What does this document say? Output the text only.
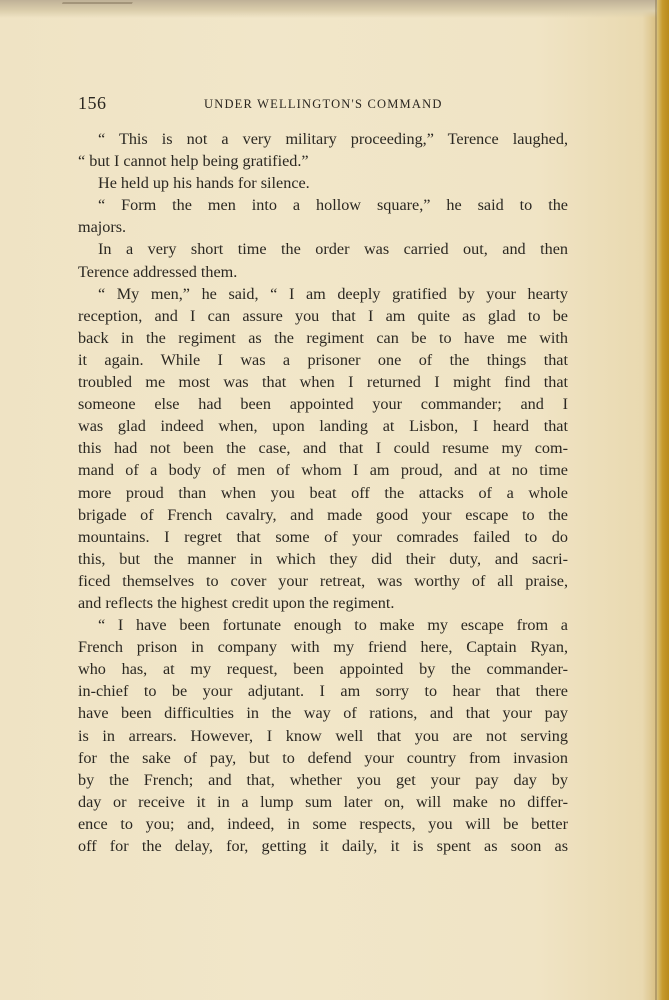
156	UNDER WELLINGTON'S COMMAND
“ This is not a very military proceeding,” Terence laughed,
“ but I cannot help being gratified.”
He held up his hands for silence.
“ Form the men into a hollow square,” he said to the
majors.
In a very short time the order was carried out, and then
Terence addressed them.
“ My men,” he said, “ I am deeply gratified by your hearty
reception, and I can assure you that I am quite as glad to be
back in the regiment as the regiment can be to have me with
it again. While I was a prisoner one of the things that
troubled me most was that when I returned I might find that
someone else had been appointed your commander; and I
was glad indeed when, upon landing at Lisbon, I heard that
this had not been the case, and that I could resume my com-
mand of a body of men of whom I am proud, and at no time
more proud than when you beat off the attacks of a whole
brigade of French cavalry, and made good your escape to the
mountains. I regret that some of your comrades failed to do
this, but the manner in which they did their duty, and sacri-
ficed themselves to cover your retreat, was worthy of all praise,
and reflects the highest credit upon the regiment.
“ I have been fortunate enough to make my escape from a
French prison in company with my friend here, Captain Ryan,
who has, at my request, been appointed by the commander-
in-chief to be your adjutant. I am sorry to hear that there
have been difficulties in the way of rations, and that your pay
is in arrears. However, I know well that you are not serving
for the sake of pay, but to defend your country from invasion
by the French; and that, whether you get your pay day by
day or receive it in a lump sum later on, will make no differ-
ence to you; and, indeed, in some respects, you will be better
off for the delay, for, getting it daily, it is spent as soon as
